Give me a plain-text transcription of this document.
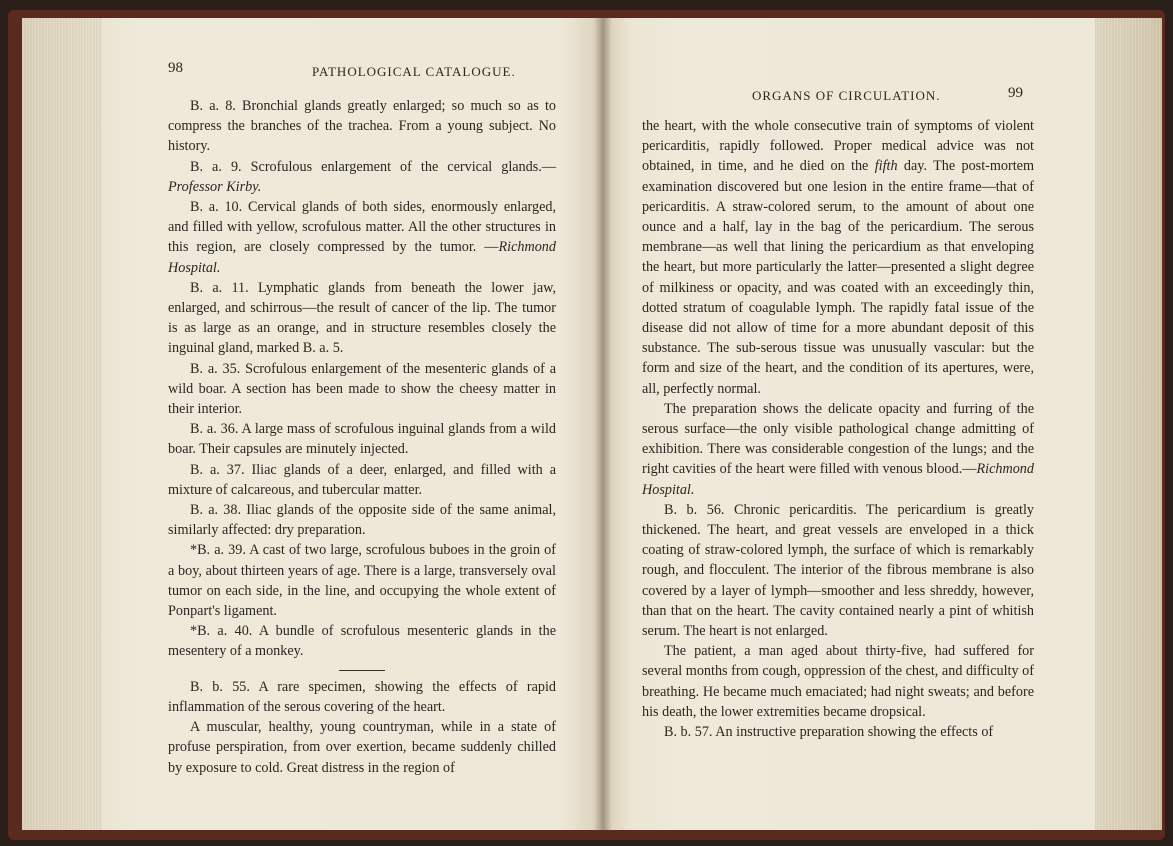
98	PATHOLOGICAL CATALOGUE.

B. a. 8. Bronchial glands greatly enlarged; so much so as to compress the branches of the trachea. From a young subject. No history.

B. a. 9. Scrofulous enlargement of the cervical glands.—Professor Kirby.

B. a. 10. Cervical glands of both sides, enormously enlarged, and filled with yellow, scrofulous matter. All the other structures in this region, are closely compressed by the tumor. —Richmond Hospital.

B. a. 11. Lymphatic glands from beneath the lower jaw, enlarged, and schirrous—the result of cancer of the lip. The tumor is as large as an orange, and in structure resembles closely the inguinal gland, marked B. a. 5.

B. a. 35. Scrofulous enlargement of the mesenteric glands of a wild boar. A section has been made to show the cheesy matter in their interior.

B. a. 36. A large mass of scrofulous inguinal glands from a wild boar. Their capsules are minutely injected.

B. a. 37. Iliac glands of a deer, enlarged, and filled with a mixture of calcareous, and tubercular matter.

B. a. 38. Iliac glands of the opposite side of the same animal, similarly affected: dry preparation.

*B. a. 39. A cast of two large, scrofulous buboes in the groin of a boy, about thirteen years of age. There is a large, transversely oval tumor on each side, in the line, and occupying the whole extent of Ponpart's ligament.

*B. a. 40. A bundle of scrofulous mesenteric glands in the mesentery of a monkey.

B. b. 55. A rare specimen, showing the effects of rapid inflammation of the serous covering of the heart.

A muscular, healthy, young countryman, while in a state of profuse perspiration, from over exertion, became suddenly chilled by exposure to cold. Great distress in the region of

ORGANS OF CIRCULATION.	99

the heart, with the whole consecutive train of symptoms of violent pericarditis, rapidly followed. Proper medical advice was not obtained, in time, and he died on the fifth day. The post-mortem examination discovered but one lesion in the entire frame—that of pericarditis. A straw-colored serum, to the amount of about one ounce and a half, lay in the bag of the pericardium. The serous membrane—as well that lining the pericardium as that enveloping the heart, but more particularly the latter—presented a slight degree of milkiness or opacity, and was coated with an exceedingly thin, dotted stratum of coagulable lymph. The rapidly fatal issue of the disease did not allow of time for a more abundant deposit of this substance. The sub-serous tissue was unusually vascular: but the form and size of the heart, and the condition of its apertures, were, all, perfectly normal.

The preparation shows the delicate opacity and furring of the serous surface—the only visible pathological change admitting of exhibition. There was considerable congestion of the lungs; and the right cavities of the heart were filled with venous blood.—Richmond Hospital.

B. b. 56. Chronic pericarditis. The pericardium is greatly thickened. The heart, and great vessels are enveloped in a thick coating of straw-colored lymph, the surface of which is remarkably rough, and flocculent. The interior of the fibrous membrane is also covered by a layer of lymph—smoother and less shreddy, however, than that on the heart. The cavity contained nearly a pint of whitish serum. The heart is not enlarged.

The patient, a man aged about thirty-five, had suffered for several months from cough, oppression of the chest, and difficulty of breathing. He became much emaciated; had night sweats; and before his death, the lower extremities became dropsical.

B. b. 57. An instructive preparation showing the effects of
